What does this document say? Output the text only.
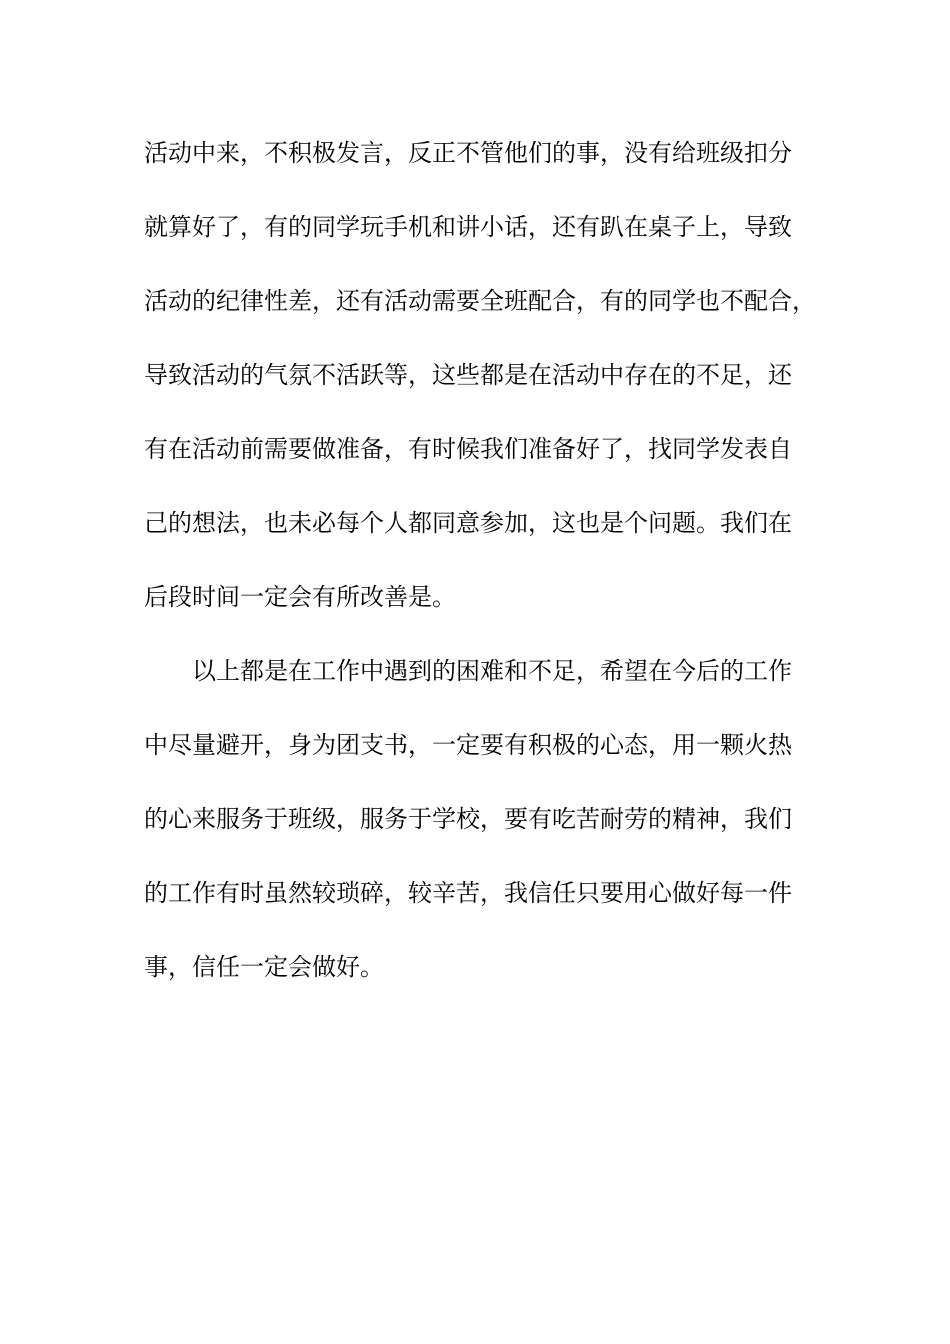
活动中来，不积极发言，反正不管他们的事，没有给班级扣分
就算好了，有的同学玩手机和讲小话，还有趴在桌子上，导致
活动的纪律性差，还有活动需要全班配合，有的同学也不配合，
导致活动的气氛不活跃等，这些都是在活动中存在的不足，还
有在活动前需要做准备，有时候我们准备好了，找同学发表自
己的想法，也未必每个人都同意参加，这也是个问题。我们在
后段时间一定会有所改善是。
以上都是在工作中遇到的困难和不足，希望在今后的工作
中尽量避开，身为团支书，一定要有积极的心态，用一颗火热
的心来服务于班级，服务于学校，要有吃苦耐劳的精神，我们
的工作有时虽然较琐碎，较辛苦，我信任只要用心做好每一件
事，信任一定会做好。
